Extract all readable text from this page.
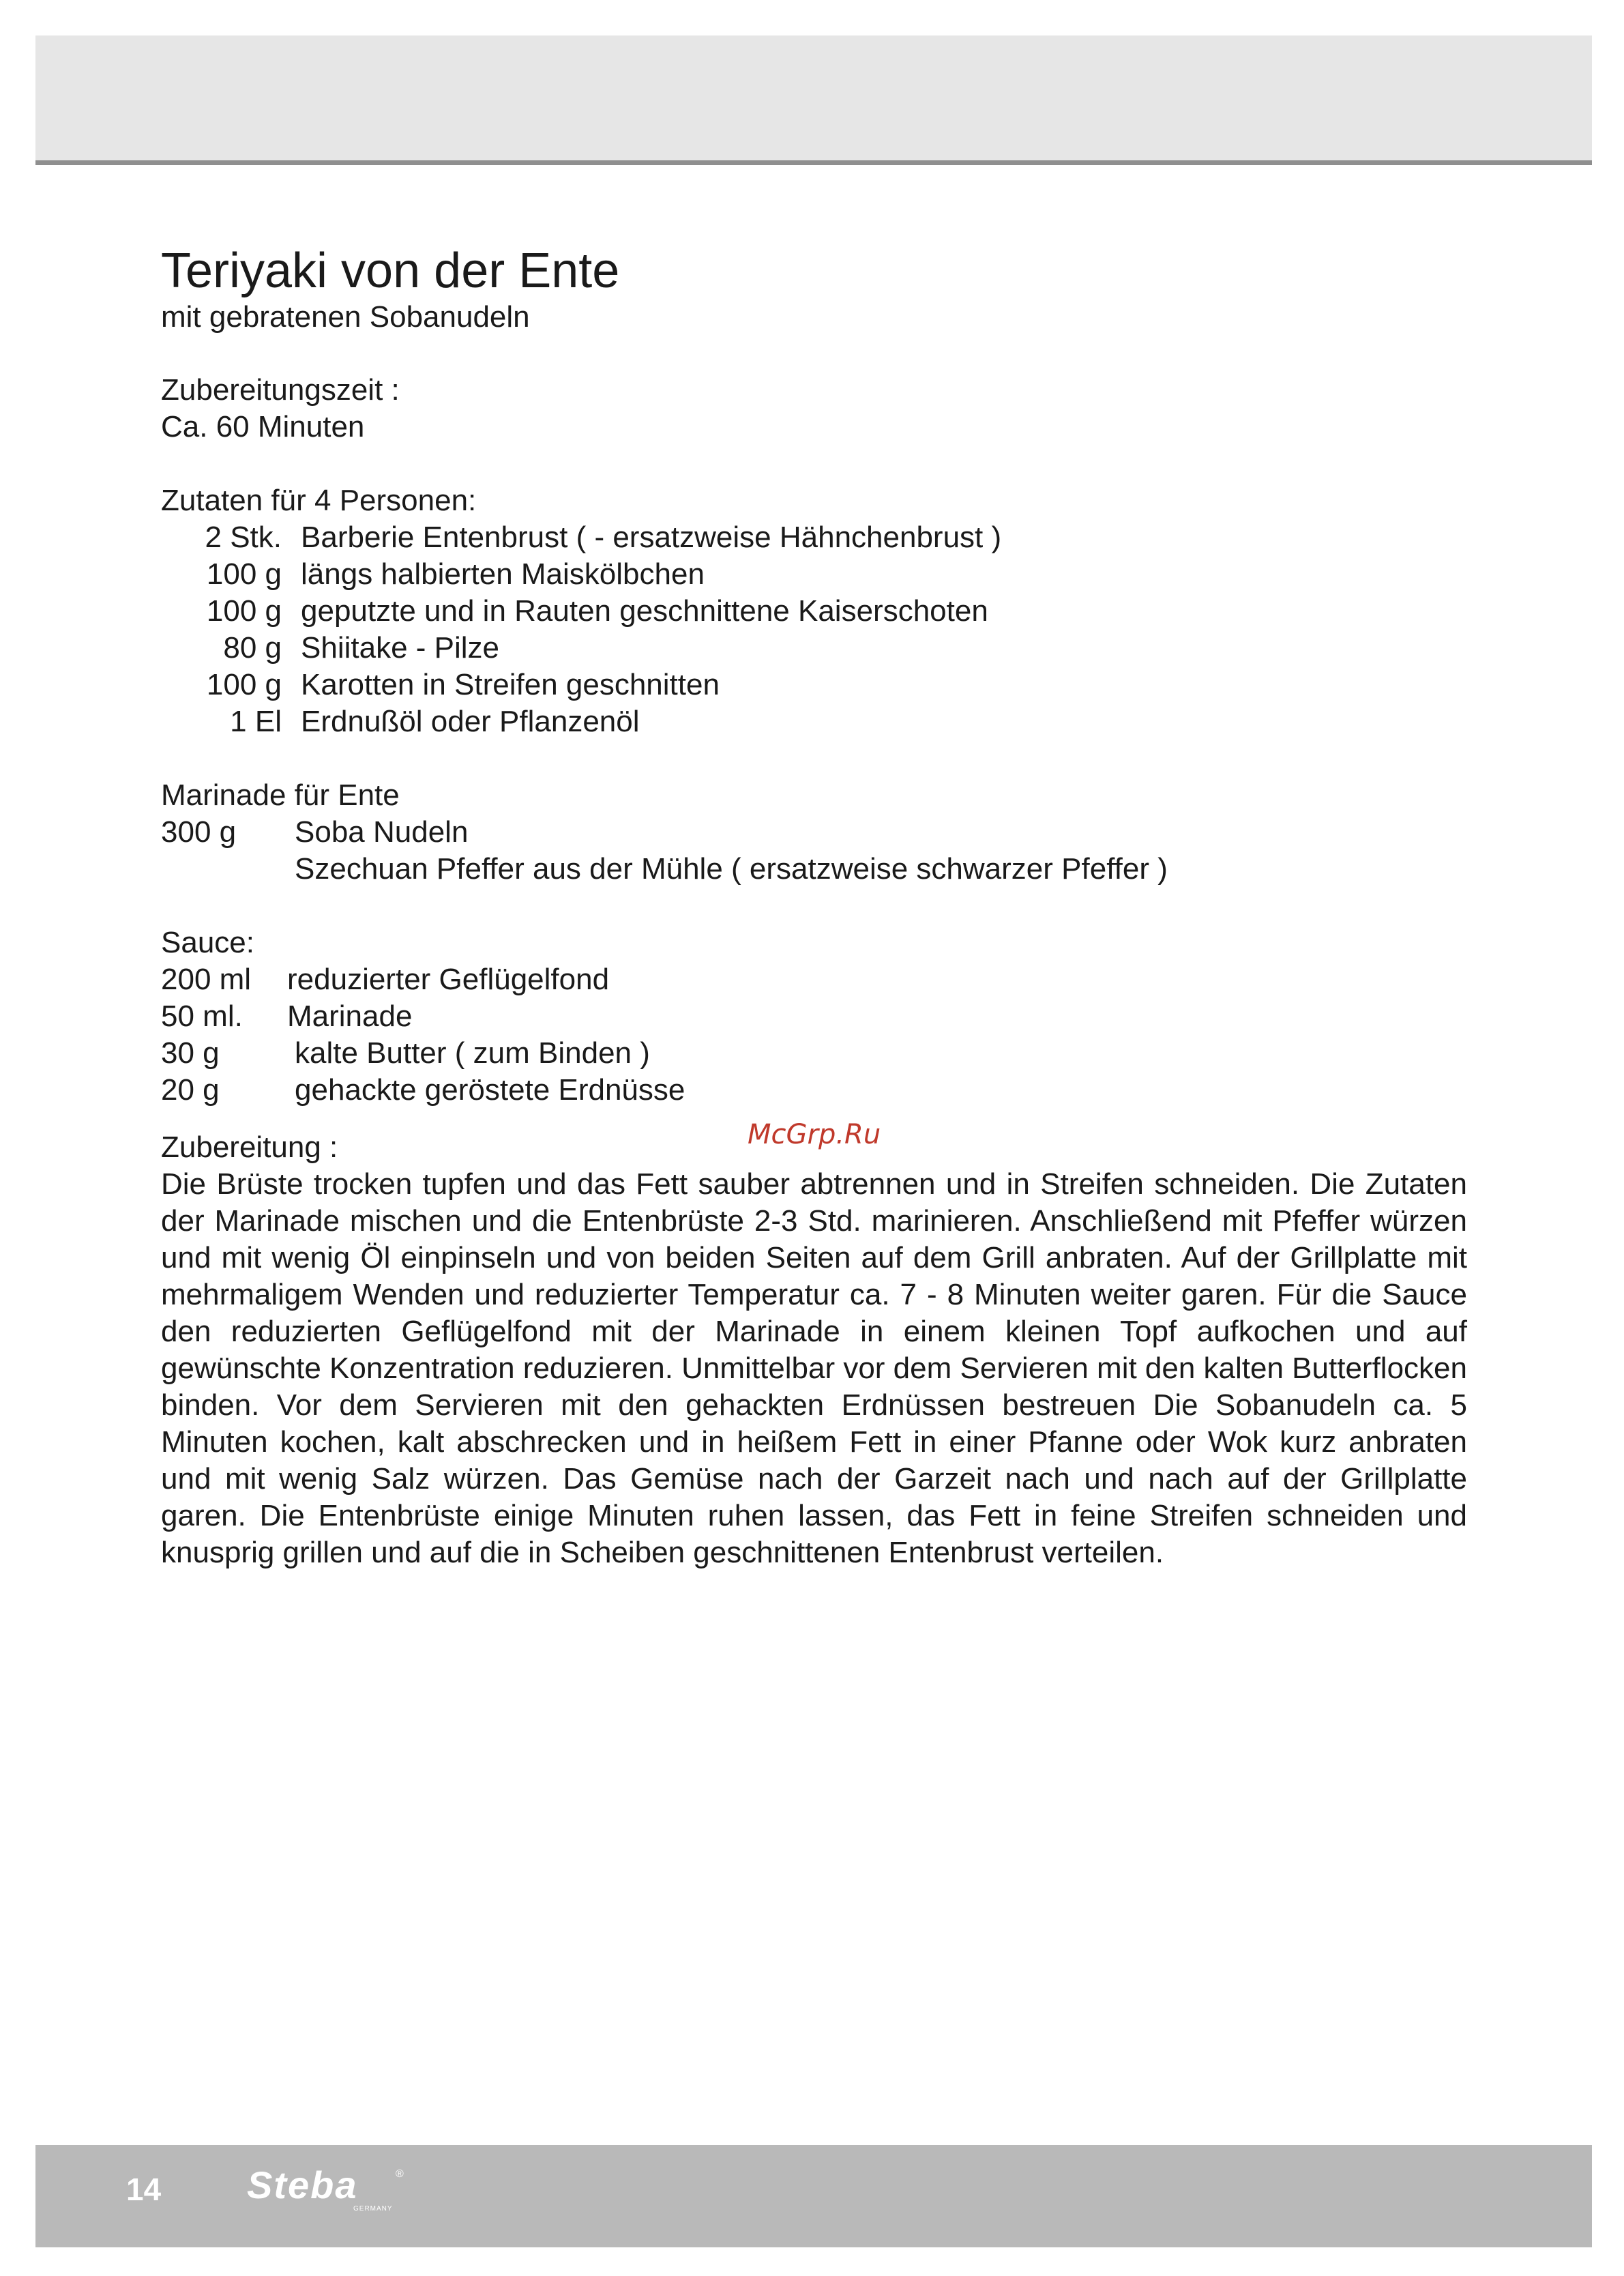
Teriyaki von der Ente

mit gebratenen Sobanudeln

Zubereitungszeit :

Ca. 60 Minuten

Zutaten für 4 Personen:

2 Stk. Barberie Entenbrust ( - ersatzweise Hähnchenbrust )
100 g längs halbierten Maiskölbchen
100 g geputzte und in Rauten geschnittene Kaiserschoten
80 g Shiitake - Pilze
100 g Karotten in Streifen geschnitten
1 El Erdnußöl oder Pflanzenöl

Marinade für Ente

300 g	Soba Nudeln
Szechuan Pfeffer aus der Mühle ( ersatzweise schwarzer Pfeffer )

Sauce:

200 ml	reduzierter Geflügelfond
50 ml.	Marinade
30 g	kalte Butter ( zum Binden )
20 g	gehackte geröstete Erdnüsse

Zubereitung :

Die Brüste trocken tupfen und das Fett sauber abtrennen und in Streifen schneiden. Die Zutaten der Marinade mischen und die Entenbrüste 2-3 Std. marinieren. Anschließend mit Pfeffer würzen und mit wenig Öl einpinseln und von beiden Seiten auf dem Grill anbraten. Auf der Grillplatte mit mehrmaligem Wenden und reduzierter Temperatur ca. 7 - 8 Minuten weiter garen. Für die Sauce den reduzierten Geflügelfond mit der Marinade in einem kleinen Topf aufkochen und auf gewünschte Konzentration reduzieren. Unmittelbar vor dem Servieren mit den kalten Butterflocken binden. Vor dem Servieren mit den gehackten Erdnüssen bestreuen Die Sobanudeln ca. 5 Minuten kochen, kalt abschrecken und in heißem Fett in einer Pfanne oder Wok kurz anbraten und mit wenig Salz würzen. Das Gemüse nach der Garzeit nach und nach auf der Grillplatte garen. Die Entenbrüste einige Minuten ruhen lassen, das Fett in feine Streifen schneiden und knusprig grillen und auf die in Scheiben geschnittenen Entenbrust verteilen.

McGrp.Ru
14 Steba	®
GERMANY
